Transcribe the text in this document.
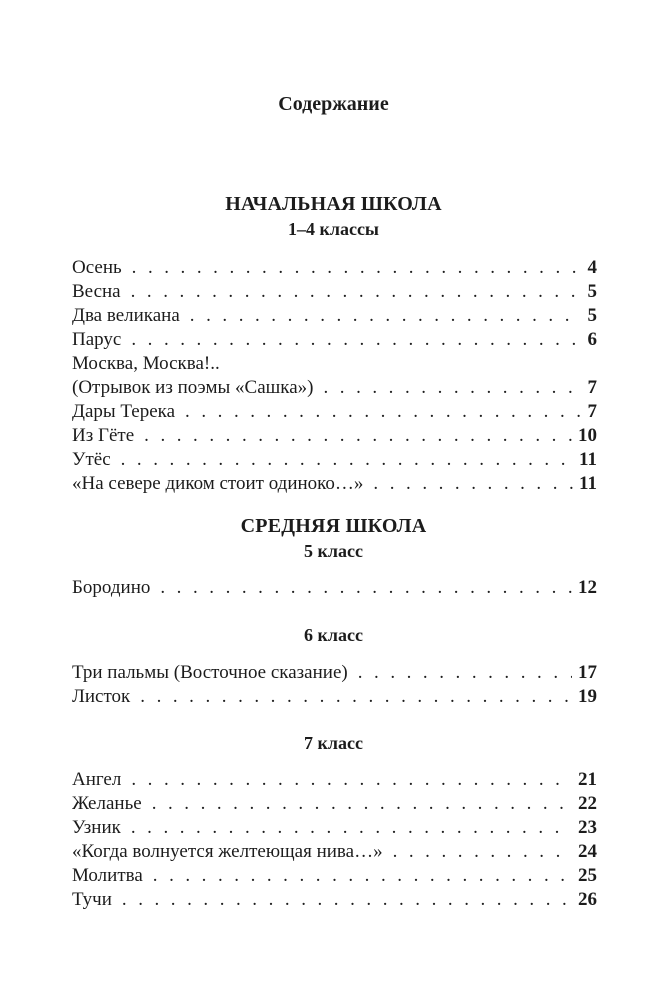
Содержание
НАЧАЛЬНАЯ ШКОЛА
1–4 классы
Осень . . .	4
Весна . . .	5
Два великана . . .	5
Парус . . .	6
Москва, Москва!..
(Отрывок из поэмы «Сашка») . . .	7
Дары Терека . . .	7
Из Гёте . . .	10
Утёс . . .	11
«На севере диком стоит одиноко…» . . .	11
СРЕДНЯЯ ШКОЛА
5 класс
Бородино . . .	12
6 класс
Три пальмы (Восточное сказание) . . .	17
Листок . . .	19
7 класс
Ангел . . .	21
Желанье . . .	22
Узник . . .	23
«Когда волнуется желтеющая нива…» . . .	24
Молитва . . .	25
Тучи . . .	26
